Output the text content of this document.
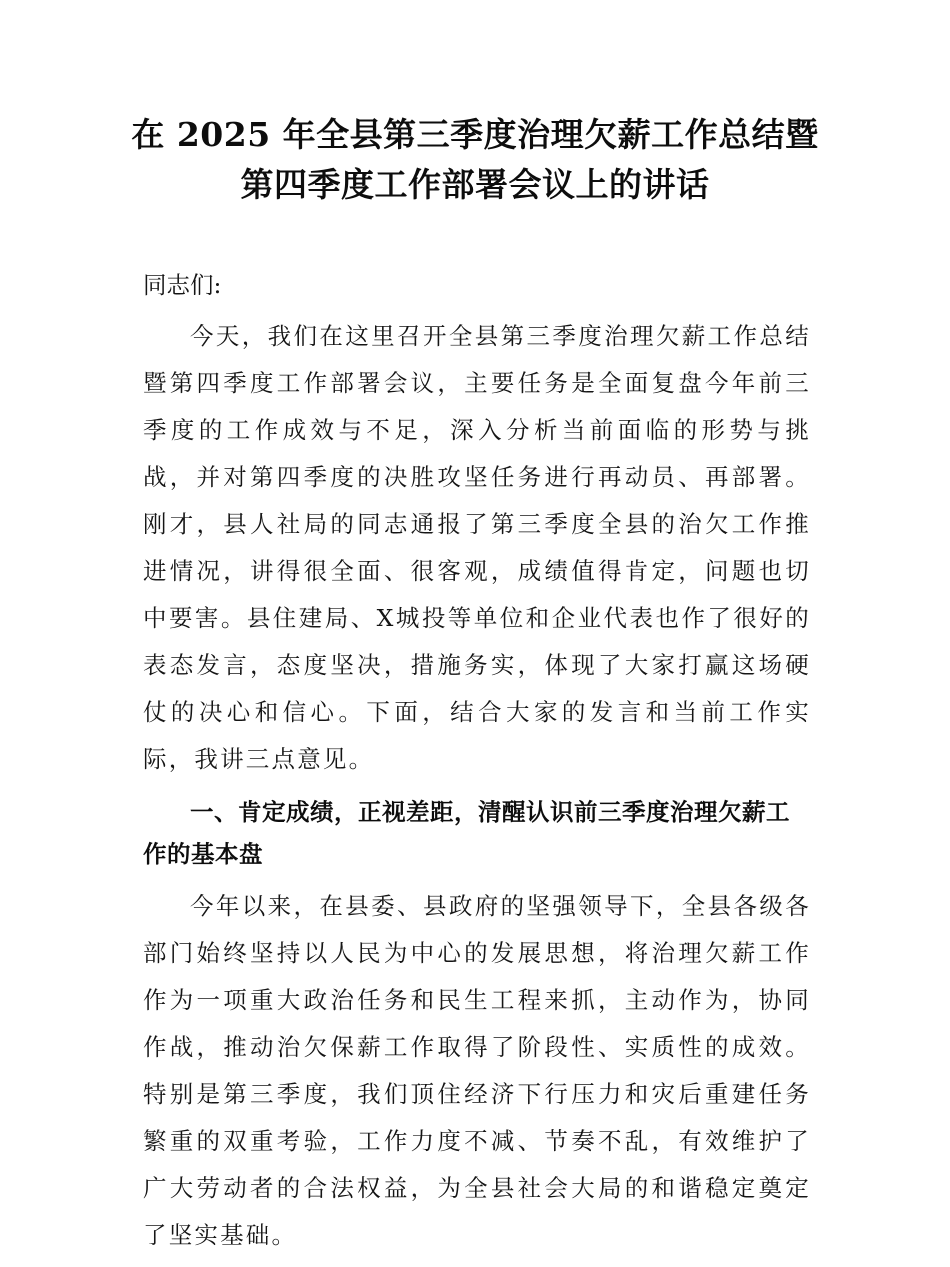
在 2025 年全县第三季度治理欠薪工作总结暨
第四季度工作部署会议上的讲话
同志们:

今天，我们在这里召开全县第三季度治理欠薪工作总结暨第四季度工作部署会议，主要任务是全面复盘今年前三季度的工作成效与不足，深入分析当前面临的形势与挑战，并对第四季度的决胜攻坚任务进行再动员、再部署。刚才，县人社局的同志通报了第三季度全县的治欠工作推进情况，讲得很全面、很客观，成绩值得肯定，问题也切中要害。县住建局、X城投等单位和企业代表也作了很好的表态发言，态度坚决，措施务实，体现了大家打赢这场硬仗的决心和信心。下面，结合大家的发言和当前工作实际，我讲三点意见。

一、肯定成绩，正视差距，清醒认识前三季度治理欠薪工作的基本盘

今年以来，在县委、县政府的坚强领导下，全县各级各部门始终坚持以人民为中心的发展思想，将治理欠薪工作作为一项重大政治任务和民生工程来抓，主动作为，协同作战，推动治欠保薪工作取得了阶段性、实质性的成效。特别是第三季度，我们顶住经济下行压力和灾后重建任务繁重的双重考验，工作力度不减、节奏不乱，有效维护了广大劳动者的合法权益，为全县社会大局的和谐稳定奠定了坚实基础。
